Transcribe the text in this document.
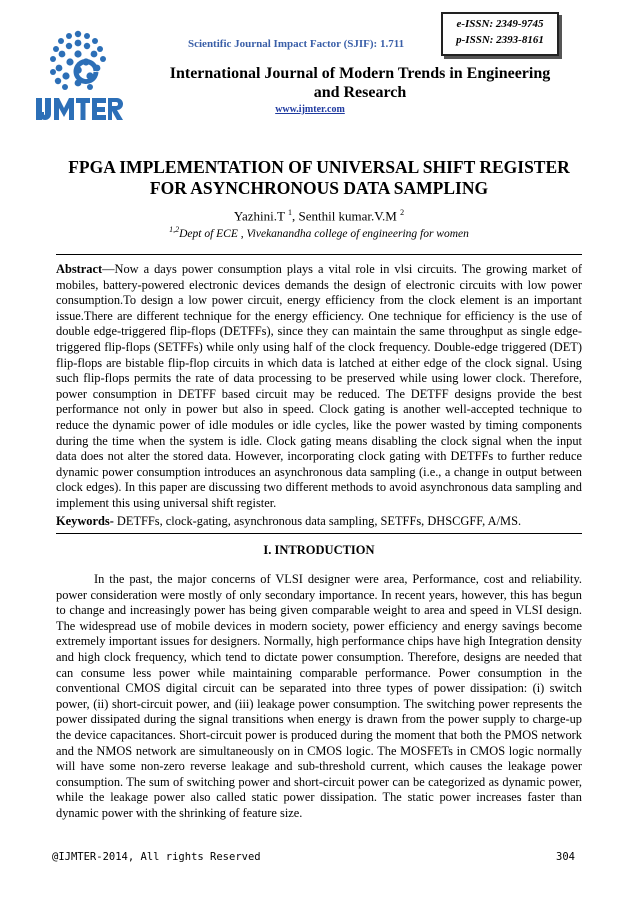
Scientific Journal Impact Factor (SJIF): 1.711
e-ISSN: 2349-9745
p-ISSN: 2393-8161
International Journal of Modern Trends in Engineering
and Research
www.ijmter.com
FPGA IMPLEMENTATION OF UNIVERSAL SHIFT REGISTER
FOR ASYNCHRONOUS DATA SAMPLING
Yazhini.T $^1$, Senthil kumar.V.M $^2$
$^{1,2}$Dept of ECE , Vivekanandha college of engineering for women
Abstract—Now a days power consumption plays a vital role in vlsi circuits. The growing market of mobiles, battery-powered electronic devices demands the design of electronic circuits with low power consumption.To design a low power circuit, energy efficiency from the clock element is an important issue.There are different technique for the energy efficiency. One technique for efficiency is the use of double edge-triggered flip-flops (DETFFs), since they can maintain the same throughput as single edge-triggered flip-flops (SETFFs) while only using half of the clock frequency. Double-edge triggered (DET) flip-flops are bistable flip-flop circuits in which data is latched at either edge of the clock signal. Using such flip-flops permits the rate of data processing to be preserved while using lower clock. Therefore, power consumption in DETFF based circuit may be reduced. The DETFF designs provide the best performance not only in power but also in speed. Clock gating is another well-accepted technique to reduce the dynamic power of idle modules or idle cycles, like the power wasted by timing components during the time when the system is idle. Clock gating means disabling the clock signal when the input data does not alter the stored data. However, incorporating clock gating with DETFFs to further reduce dynamic power consumption introduces an asynchronous data sampling (i.e., a change in output between clock edges). In this paper are discussing two different methods to avoid asynchronous data sampling and implement this using universal shift register.
Keywords- DETFFs, clock-gating, asynchronous data sampling, SETFFs, DHSCGFF, A/MS.
I. INTRODUCTION
In the past, the major concerns of VLSI designer were area, Performance, cost and reliability. power consideration were mostly of only secondary importance. In recent years, however, this has begun to change and increasingly power has being given comparable weight to area and speed in VLSI design. The widespread use of mobile devices in modern society, power efficiency and energy savings become extremely important issues for designers. Normally, high performance chips have high Integration density and high clock frequency, which tend to dictate power consumption. Therefore, designs are needed that can consume less power while maintaining comparable performance. Power consumption in the conventional CMOS digital circuit can be separated into three types of power dissipation: (i) switch power, (ii) short-circuit power, and (iii) leakage power consumption. The switching power represents the power dissipated during the signal transitions when energy is drawn from the power supply to charge-up the device capacitances. Short-circuit power is produced during the moment that both the PMOS network and the NMOS network are simultaneously on in CMOS logic. The MOSFETs in CMOS logic normally will have some non-zero reverse leakage and sub-threshold current, which causes the leakage power consumption. The sum of switching power and short-circuit power can be categorized as dynamic power, while the leakage power also called static power dissipation. The static power increases faster than dynamic power with the shrinking of feature size.
@IJMTER-2014, All rights Reserved	304
